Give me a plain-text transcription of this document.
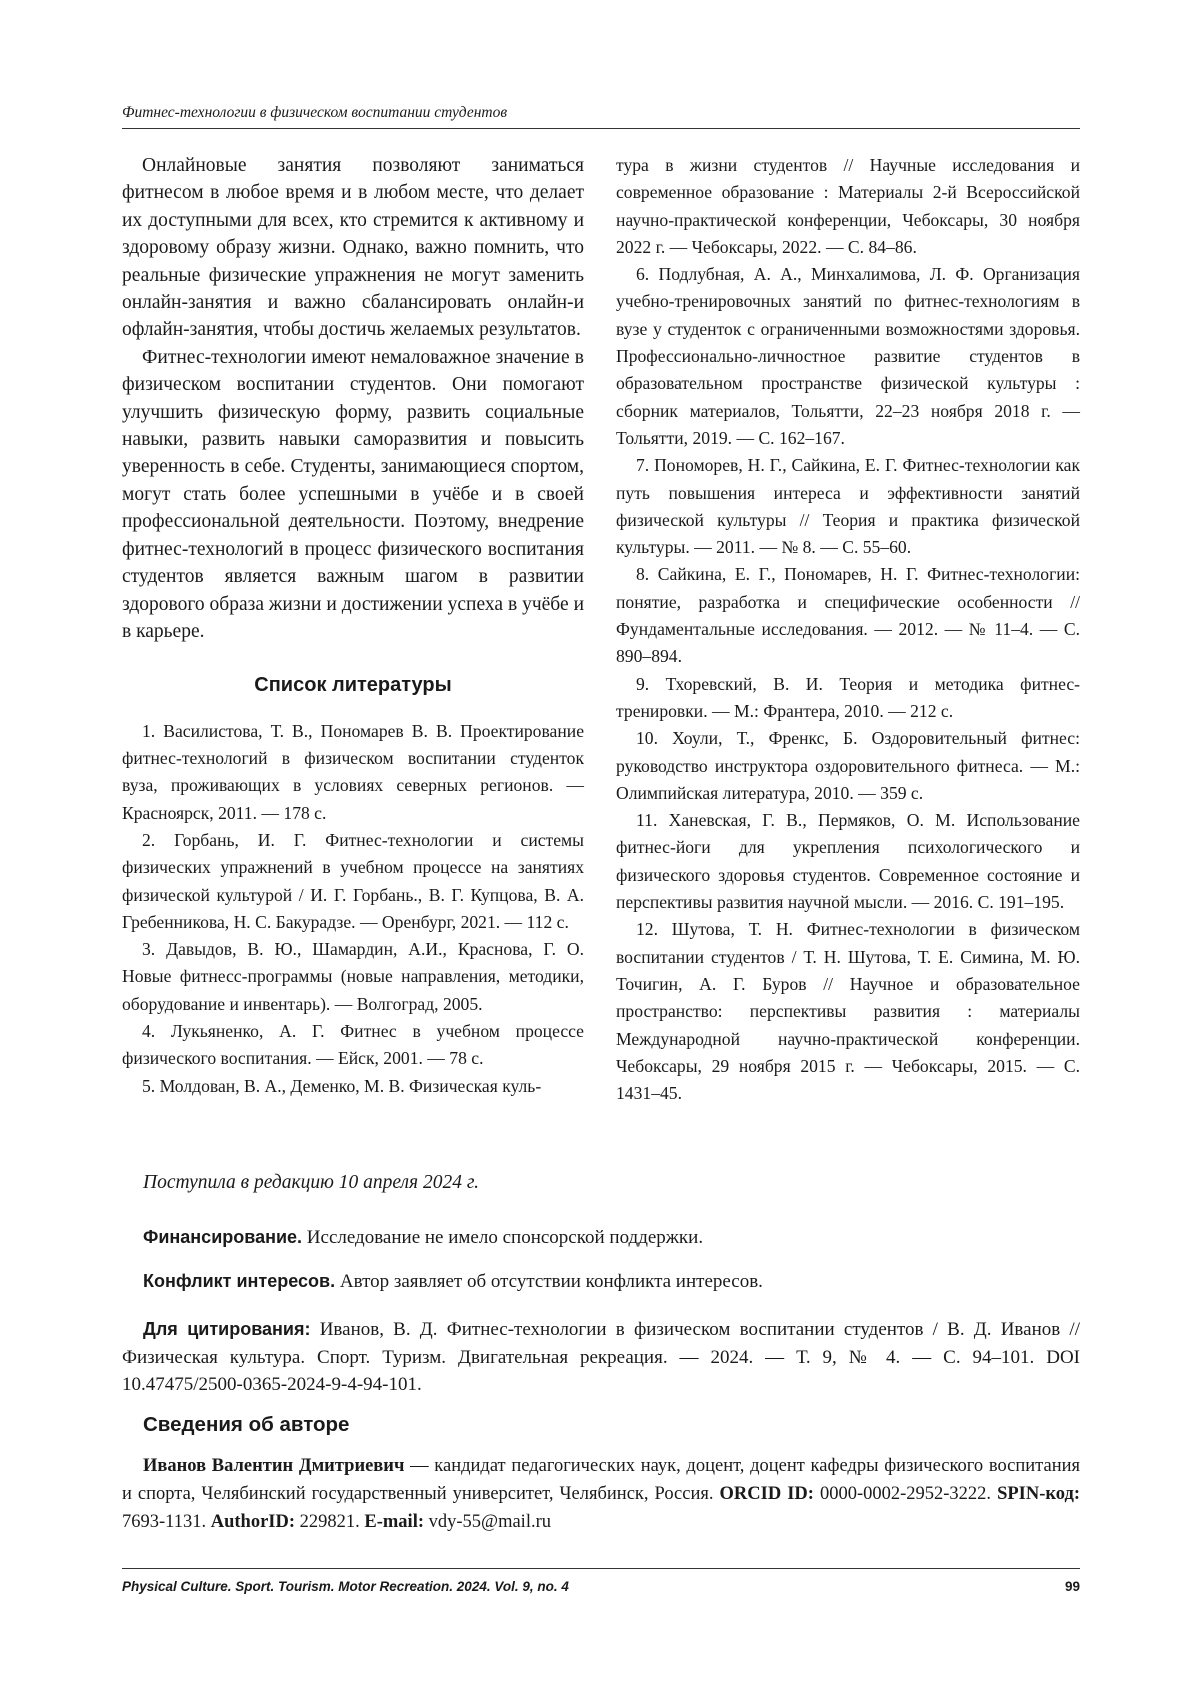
Фитнес-технологии в физическом воспитании студентов

Онлайновые занятия позволяют заниматься фитнесом в любое время и в любом месте, что делает их доступными для всех, кто стремится к активному и здоровому образу жизни. Однако, важно помнить, что реальные физические упражнения не могут заменить онлайн-занятия и важно сбалансировать онлайн-и офлайн-занятия, чтобы достичь желаемых результатов.

Фитнес-технологии имеют немаловажное значение в физическом воспитании студентов. Они помогают улучшить физическую форму, развить социальные навыки, развить навыки саморазвития и повысить уверенность в себе. Студенты, занимающиеся спортом, могут стать более успешными в учёбе и в своей профессиональной деятельности. Поэтому, внедрение фитнес-технологий в процесс физического воспитания студентов является важным шагом в развитии здорового образа жизни и достижении успеха в учёбе и в карьере.

Список литературы

1. Василистова, Т. В., Пономарев В. В. Проектирование фитнес-технологий в физическом воспитании студенток вуза, проживающих в условиях северных регионов. — Красноярск, 2011. — 178 с.

2. Горбань, И. Г. Фитнес-технологии и системы физических упражнений в учебном процессе на занятиях физической культурой / И. Г. Горбань., В. Г. Купцова, В. А. Гребенникова, Н. С. Бакурадзе. — Оренбург, 2021. — 112 с.

3. Давыдов, В. Ю., Шамардин, А.И., Краснова, Г. О. Новые фитнесс-программы (новые направления, методики, оборудование и инвентарь). — Волгоград, 2005.

4. Лукьяненко, А. Г. Фитнес в учебном процессе физического воспитания. — Ейск, 2001. — 78 с.

5. Молдован, В. А., Деменко, М. В. Физическая куль-

тура в жизни студентов // Научные исследования и современное образование : Материалы 2-й Всероссийской научно-практической конференции, Чебоксары, 30 ноября 2022 г. — Чебоксары, 2022. — С. 84–86.

6. Подлубная, А. А., Минхалимова, Л. Ф. Организация учебно-тренировочных занятий по фитнес-технологиям в вузе у студенток с ограниченными возможностями здоровья. Профессионально-личностное развитие студентов в образовательном пространстве физической культуры : сборник материалов, Тольятти, 22–23 ноября 2018 г. — Тольятти, 2019. — С. 162–167.

7. Пономорев, Н. Г., Сайкина, Е. Г. Фитнес-технологии как путь повышения интереса и эффективности занятий физической культуры // Теория и практика физической культуры. — 2011. — № 8. — С. 55–60.

8. Сайкина, Е. Г., Пономарев, Н. Г. Фитнес-технологии: понятие, разработка и специфические особенности // Фундаментальные исследования. — 2012. — № 11–4. — С. 890–894.

9. Тхоревский, В. И. Теория и методика фитнес-тренировки. — М.: Франтера, 2010. — 212 с.

10. Хоули, Т., Френкс, Б. Оздоровительный фитнес: руководство инструктора оздоровительного фитнеса. — М.: Олимпийская литература, 2010. — 359 с.

11. Ханевская, Г. В., Пермяков, О. М. Использование фитнес-йоги для укрепления психологического и физического здоровья студентов. Современное состояние и перспективы развития научной мысли. — 2016. С. 191–195.

12. Шутова, Т. Н. Фитнес-технологии в физическом воспитании студентов / Т. Н. Шутова, Т. Е. Симина, М. Ю. Точигин, А. Г. Буров // Научное и образовательное пространство: перспективы развития : материалы Международной научно-практической конференции. Чебоксары, 29 ноября 2015 г. — Чебоксары, 2015. — С. 1431–45.

Поступила в редакцию 10 апреля 2024 г.
Финансирование. Исследование не имело спонсорской поддержки.
Конфликт интересов. Автор заявляет об отсутствии конфликта интересов.
Для цитирования: Иванов, В. Д. Фитнес-технологии в физическом воспитании студентов / В. Д. Иванов // Физическая культура. Спорт. Туризм. Двигательная рекреация. — 2024. — Т. 9, № 4. — С. 94–101. DOI 10.47475/2500-0365-2024-9-4-94-101.
Сведения об авторе
Иванов Валентин Дмитриевич — кандидат педагогических наук, доцент, доцент кафедры физического воспитания и спорта, Челябинский государственный университет, Челябинск, Россия. ORCID ID: 0000-0002-2952-3222. SPIN-код: 7693-1131. AuthorID: 229821. E-mail: vdy-55@mail.ru
Physical Culture. Sport. Tourism. Motor Recreation. 2024. Vol. 9, no. 4	99
